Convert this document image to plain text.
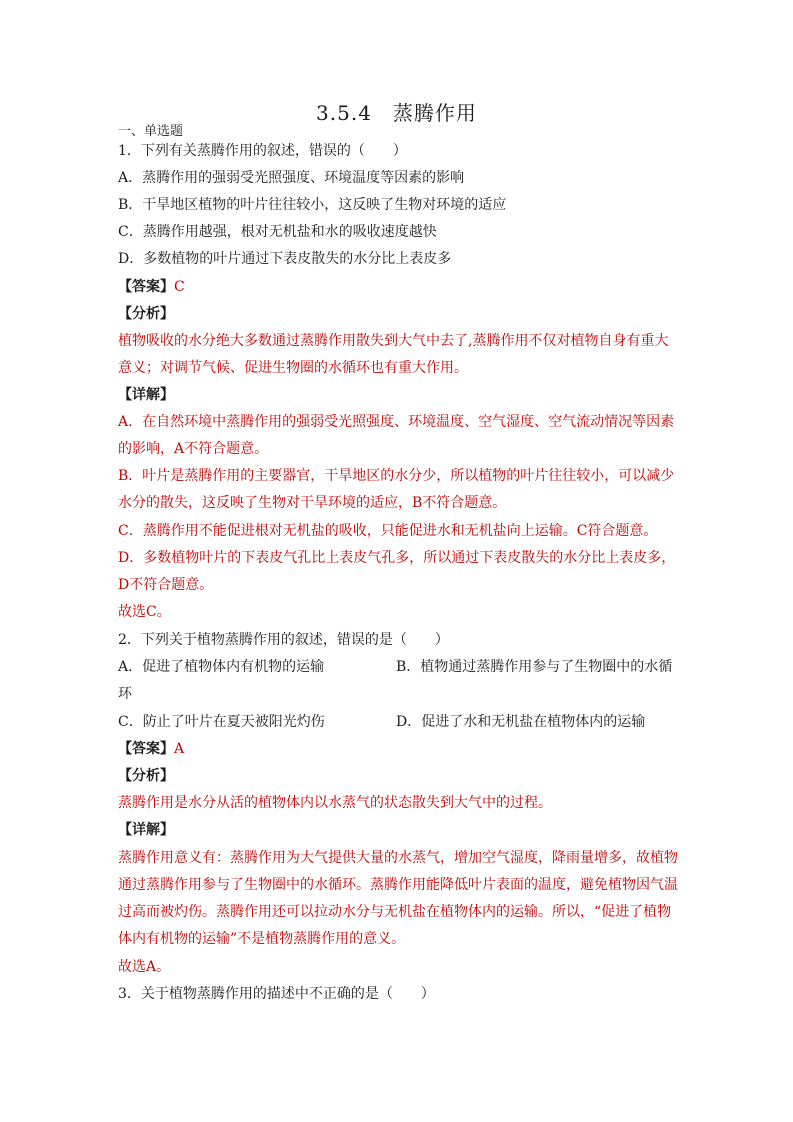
3.5.4　蒸腾作用
一、单选题
1．下列有关蒸腾作用的叙述，错误的（　　）
A．蒸腾作用的强弱受光照强度、环境温度等因素的影响
B．干旱地区植物的叶片往往较小，这反映了生物对环境的适应
C．蒸腾作用越强，根对无机盐和水的吸收速度越快
D．多数植物的叶片通过下表皮散失的水分比上表皮多
【答案】C
【分析】
植物吸收的水分绝大多数通过蒸腾作用散失到大气中去了,蒸腾作用不仅对植物自身有重大
意义；对调节气候、促进生物圈的水循环也有重大作用。
【详解】
A．在自然环境中蒸腾作用的强弱受光照强度、环境温度、空气湿度、空气流动情况等因素
的影响，A不符合题意。
B．叶片是蒸腾作用的主要器官，干旱地区的水分少，所以植物的叶片往往较小，可以减少
水分的散失，这反映了生物对干旱环境的适应，B不符合题意。
C．蒸腾作用不能促进根对无机盐的吸收，只能促进水和无机盐向上运输。C符合题意。
D．多数植物叶片的下表皮气孔比上表皮气孔多，所以通过下表皮散失的水分比上表皮多，
D不符合题意。
故选C。
2．下列关于植物蒸腾作用的叙述，错误的是（　　）
A．促进了植物体内有机物的运输	B．植物通过蒸腾作用参与了生物圈中的水循
环
C．防止了叶片在夏天被阳光灼伤	D．促进了水和无机盐在植物体内的运输
【答案】A
【分析】
蒸腾作用是水分从活的植物体内以水蒸气的状态散失到大气中的过程。
【详解】
蒸腾作用意义有：蒸腾作用为大气提供大量的水蒸气，增加空气湿度，降雨量增多，故植物
通过蒸腾作用参与了生物圈中的水循环。蒸腾作用能降低叶片表面的温度，避免植物因气温
过高而被灼伤。蒸腾作用还可以拉动水分与无机盐在植物体内的运输。所以，“促进了植物
体内有机物的运输”不是植物蒸腾作用的意义。
故选A。
3．关于植物蒸腾作用的描述中不正确的是（　　）
